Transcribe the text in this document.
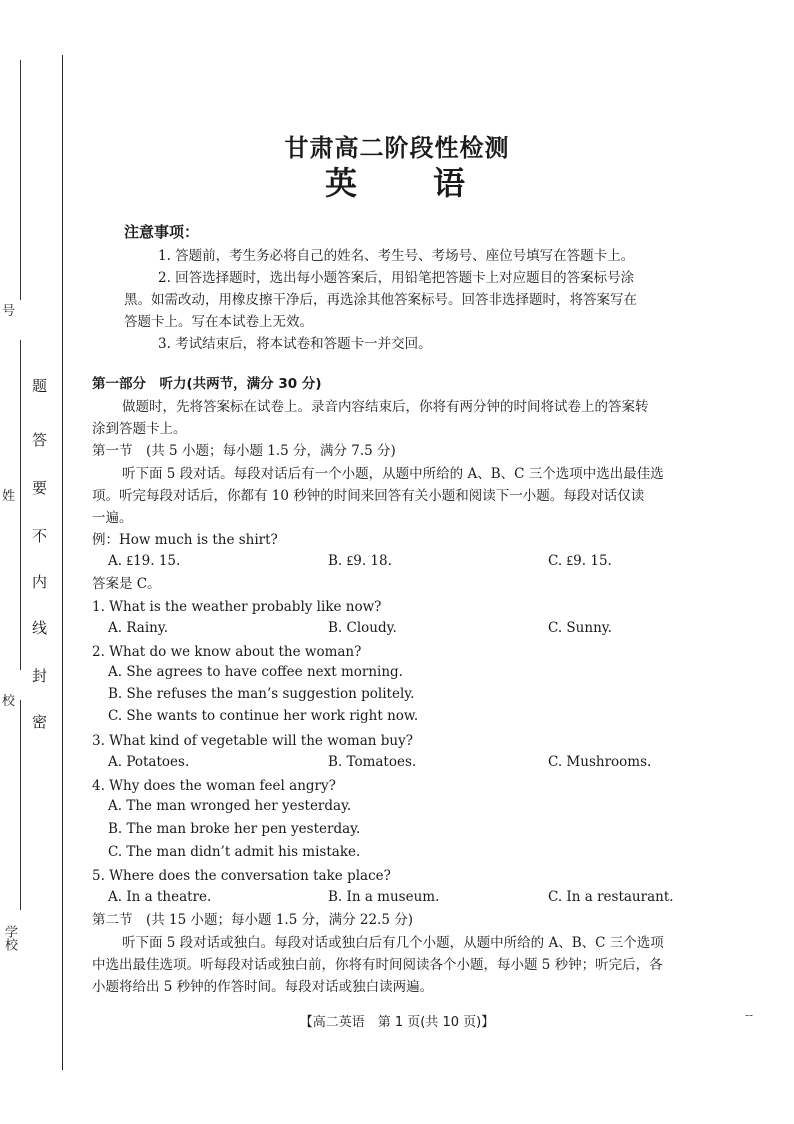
号
姓
校
学校
题
答
要
不
内
线
封
密
甘肃高二阶段性检测
英　　语
注意事项：
1. 答题前，考生务必将自己的姓名、考生号、考场号、座位号填写在答题卡上。
2. 回答选择题时，选出每小题答案后，用铅笔把答题卡上对应题目的答案标号涂
黑。如需改动，用橡皮擦干净后，再选涂其他答案标号。回答非选择题时，将答案写在
答题卡上。写在本试卷上无效。
3. 考试结束后，将本试卷和答题卡一并交回。
第一部分　听力(共两节，满分 30 分)
做题时，先将答案标在试卷上。录音内容结束后，你将有两分钟的时间将试卷上的答案转
涂到答题卡上。
第一节　(共 5 小题；每小题 1.5 分，满分 7.5 分)
听下面 5 段对话。每段对话后有一个小题，从题中所给的 A、B、C 三个选项中选出最佳选
项。听完每段对话后，你都有 10 秒钟的时间来回答有关小题和阅读下一小题。每段对话仅读
一遍。
例：How much is the shirt?
A. ₤19. 15.	B. ₤9. 18.	C. ₤9. 15.
答案是 C。
1. What is the weather probably like now?
A. Rainy.	B. Cloudy.	C. Sunny.
2. What do we know about the woman?
A. She agrees to have coffee next morning.
B. She refuses the man’s suggestion politely.
C. She wants to continue her work right now.
3. What kind of vegetable will the woman buy?
A. Potatoes.	B. Tomatoes.	C. Mushrooms.
4. Why does the woman feel angry?
A. The man wronged her yesterday.
B. The man broke her pen yesterday.
C. The man didn’t admit his mistake.
5. Where does the conversation take place?
A. In a theatre.	B. In a museum.	C. In a restaurant.
第二节　(共 15 小题；每小题 1.5 分，满分 22.5 分)
听下面 5 段对话或独白。每段对话或独白后有几个小题，从题中所给的 A、B、C 三个选项
中选出最佳选项。听每段对话或独白前，你将有时间阅读各个小题，每小题 5 秒钟；听完后，各
小题将给出 5 秒钟的作答时间。每段对话或独白读两遍。
【高二英语　第 1 页(共 10 页)】	--
